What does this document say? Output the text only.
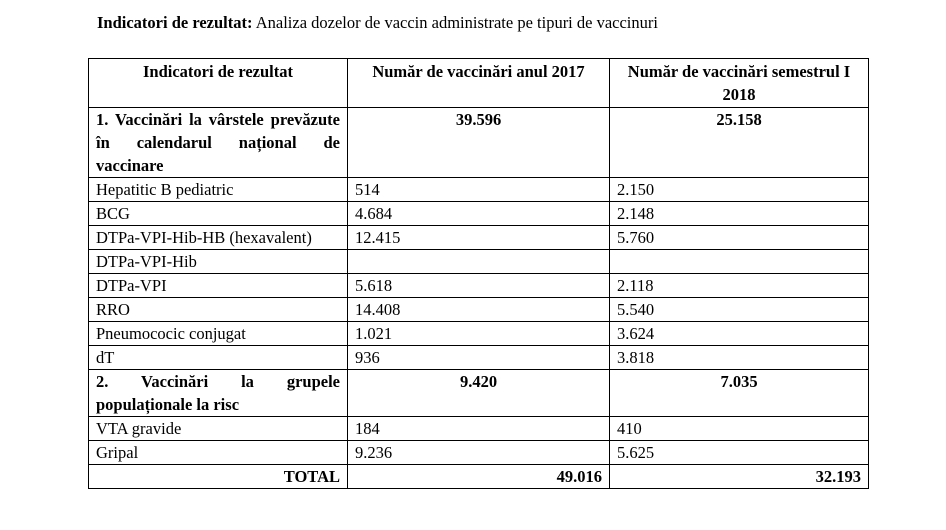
Indicatori de rezultat: Analiza dozelor de vaccin administrate pe tipuri de vaccinuri
Indicatori de rezultat	Număr de vaccinări anul 2017	Număr de vaccinări semestrul I 2018
1. Vaccinări la vârstele prevăzute în calendarul național de vaccinare	39.596	25.158
Hepatitic B pediatric	514	2.150
BCG	4.684	2.148
DTPa-VPI-Hib-HB (hexavalent)	12.415	5.760
DTPa-VPI-Hib		
DTPa-VPI	5.618	2.118
RRO	14.408	5.540
Pneumococic conjugat	1.021	3.624
dT	936	3.818
2. Vaccinări la grupele populaționale la risc	9.420	7.035
VTA gravide	184	410
Gripal	9.236	5.625
TOTAL	49.016	32.193
